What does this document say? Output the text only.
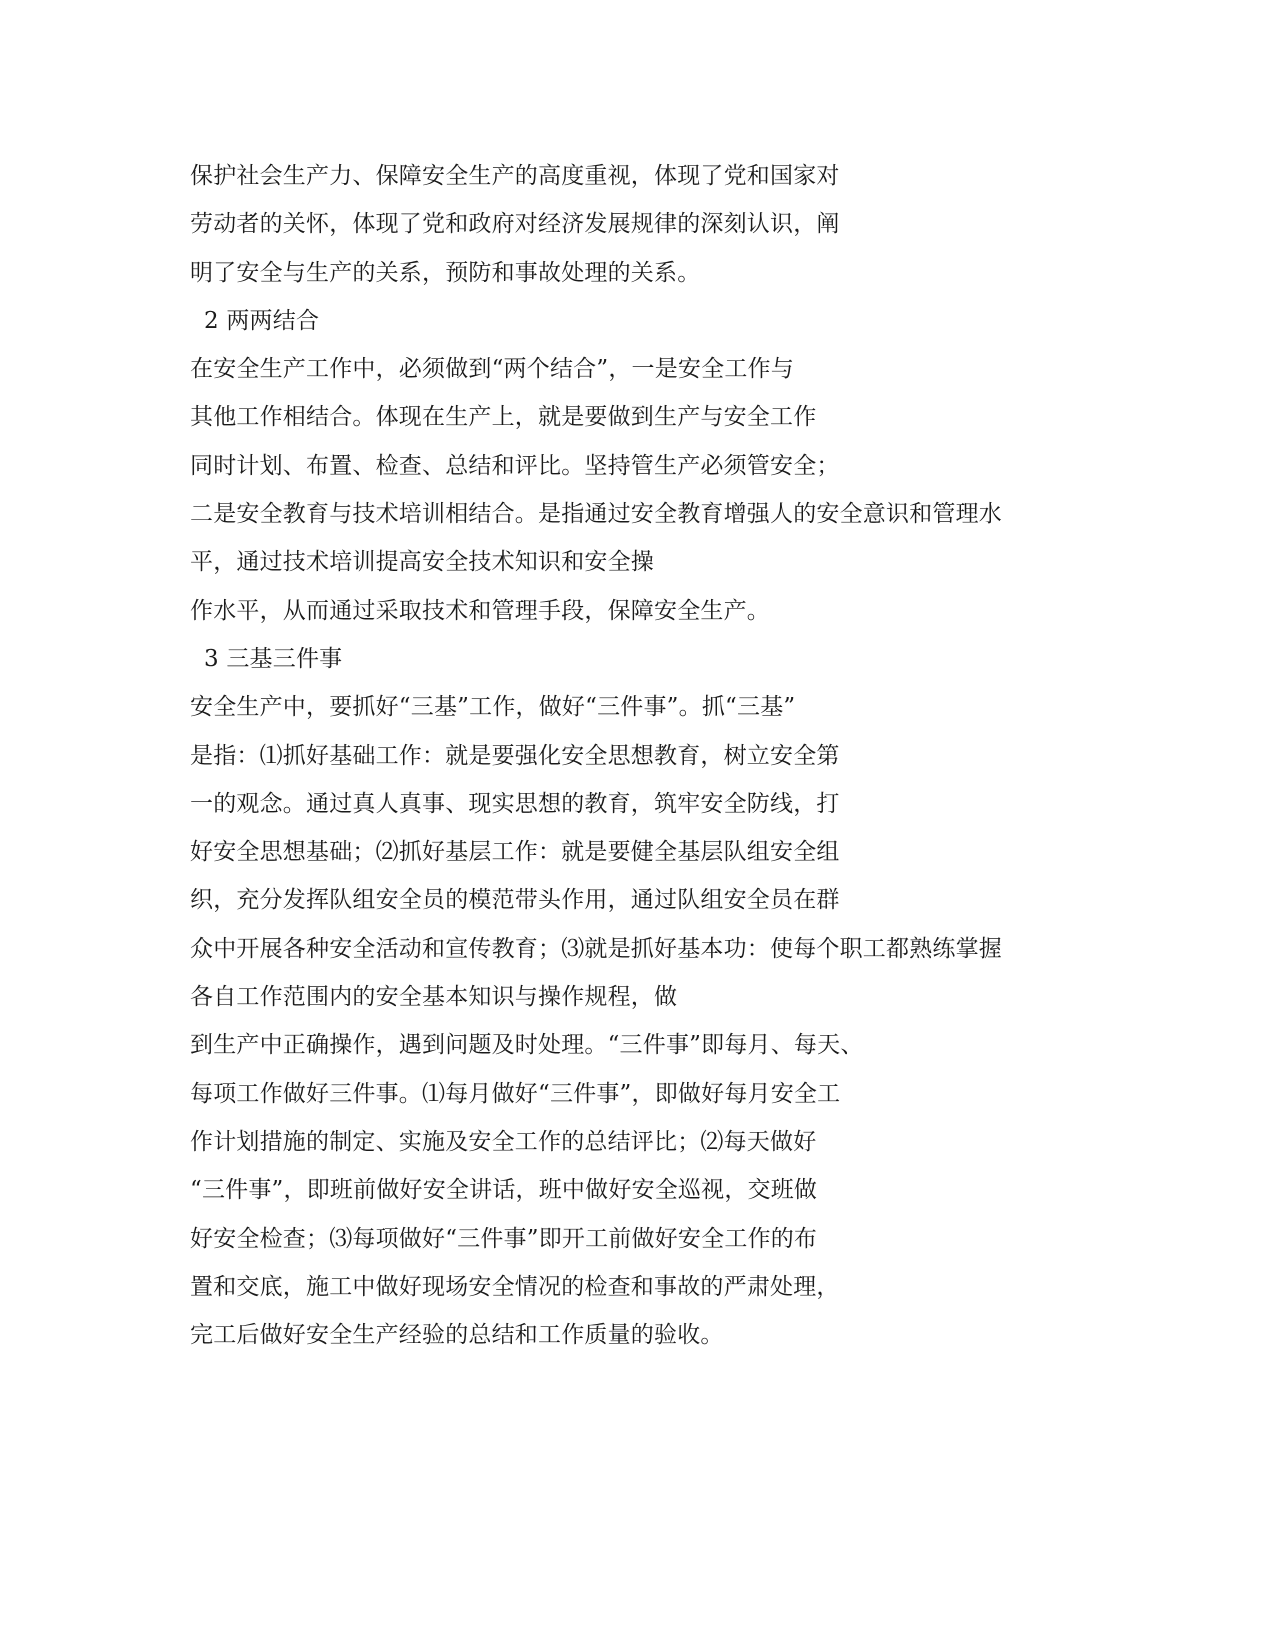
保护社会生产力、保障安全生产的高度重视，体现了党和国家对
劳动者的关怀，体现了党和政府对经济发展规律的深刻认识，阐
明了安全与生产的关系，预防和事故处理的关系。
2 两两结合
在安全生产工作中，必须做到“两个结合”，一是安全工作与
其他工作相结合。体现在生产上，就是要做到生产与安全工作
同时计划、布置、检查、总结和评比。坚持管生产必须管安全；
二是安全教育与技术培训相结合。是指通过安全教育增强人的安全意识和管理水
平，通过技术培训提高安全技术知识和安全操
作水平，从而通过采取技术和管理手段，保障安全生产。
3 三基三件事
安全生产中，要抓好“三基”工作，做好“三件事”。抓“三基”
是指：⑴抓好基础工作：就是要强化安全思想教育，树立安全第
一的观念。通过真人真事、现实思想的教育，筑牢安全防线，打
好安全思想基础；⑵抓好基层工作：就是要健全基层队组安全组
织，充分发挥队组安全员的模范带头作用，通过队组安全员在群
众中开展各种安全活动和宣传教育；⑶就是抓好基本功：使每个职工都熟练掌握
各自工作范围内的安全基本知识与操作规程，做
到生产中正确操作，遇到问题及时处理。“三件事”即每月、每天、
每项工作做好三件事。⑴每月做好“三件事”，即做好每月安全工
作计划措施的制定、实施及安全工作的总结评比；⑵每天做好
“三件事”，即班前做好安全讲话，班中做好安全巡视，交班做
好安全检查；⑶每项做好“三件事”即开工前做好安全工作的布
置和交底，施工中做好现场安全情况的检查和事故的严肃处理，
完工后做好安全生产经验的总结和工作质量的验收。
